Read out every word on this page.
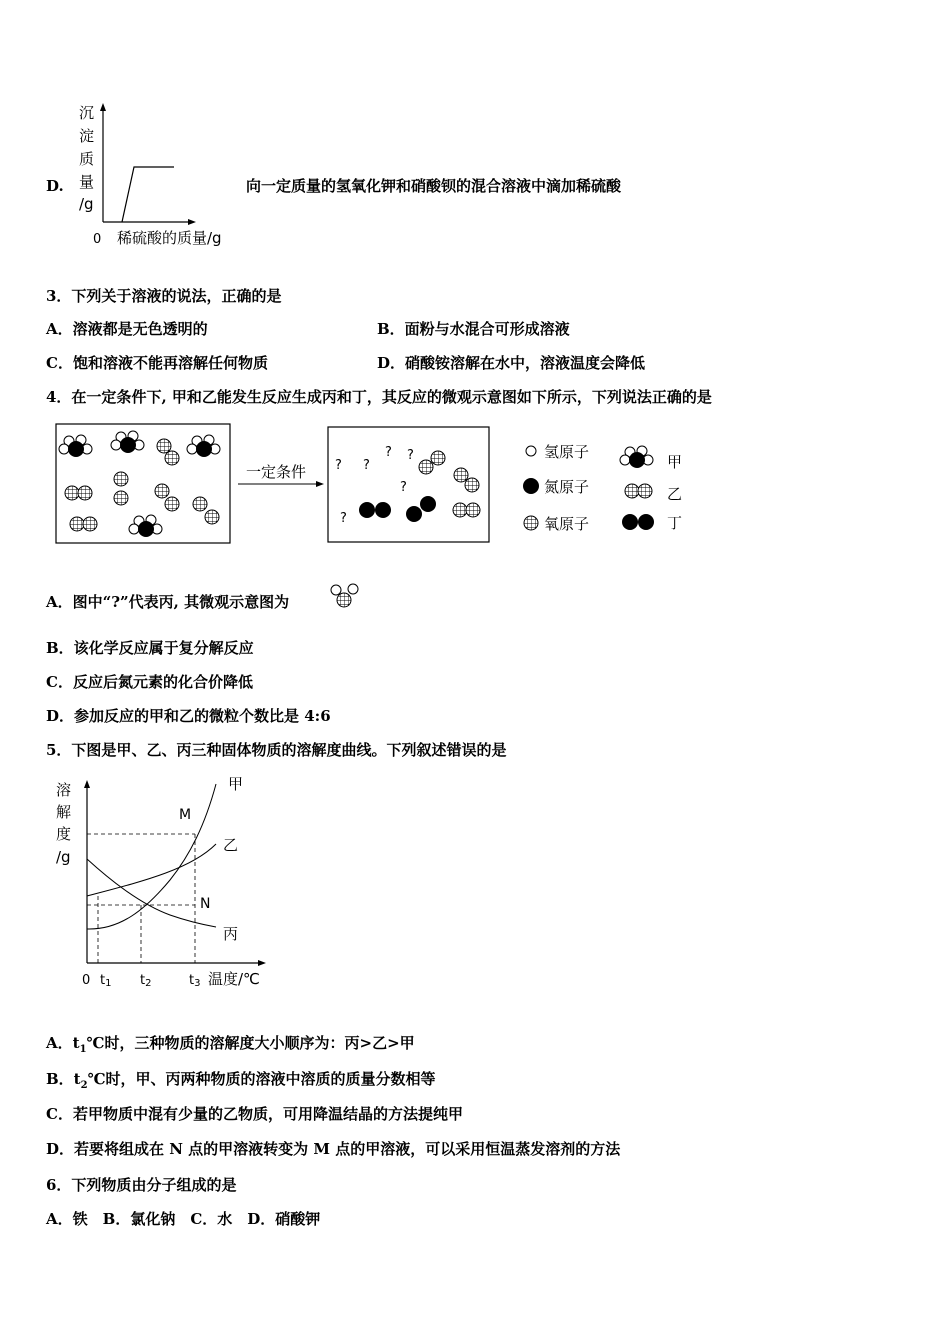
D.
沉
淀
质
量
/g
0 稀硫酸的质量/g
向一定质量的氢氧化钾和硝酸钡的混合溶液中滴加稀硫酸
3．下列关于溶液的说法，正确的是
A．溶液都是无色透明的	B．面粉与水混合可形成溶液
C．饱和溶液不能再溶解任何物质	D．硝酸铵溶解在水中，溶液温度会降低
4．在一定条件下, 甲和乙能发生反应生成丙和丁，其反应的微观示意图如下所示，下列说法正确的是
一定条件 ? ?
? ?
?
?
氢原子
氮原子
氧原子
甲
乙
丁
A．图中“?”代表丙, 其微观示意图为
B．该化学反应属于复分解反应
C．反应后氮元素的化合价降低
D．参加反应的甲和乙的微粒个数比是 4:6
5．下图是甲、乙、丙三种固体物质的溶解度曲线。下列叙述错误的是
溶
解
度
/g
甲
乙
丙
M
N
0 t1 t2	t3 温度/℃
A．$t_1℃$时，三种物质的溶解度大小顺序为：丙>乙>甲
B．$t_2℃$时，甲、丙两种物质的溶液中溶质的质量分数相等
C．若甲物质中混有少量的乙物质，可用降温结晶的方法提纯甲
D．若要将组成在 N 点的甲溶液转变为 M 点的甲溶液，可以采用恒温蒸发溶剂的方法
6．下列物质由分子组成的是
A．铁　B．氯化钠　C．水　D．硝酸钾
